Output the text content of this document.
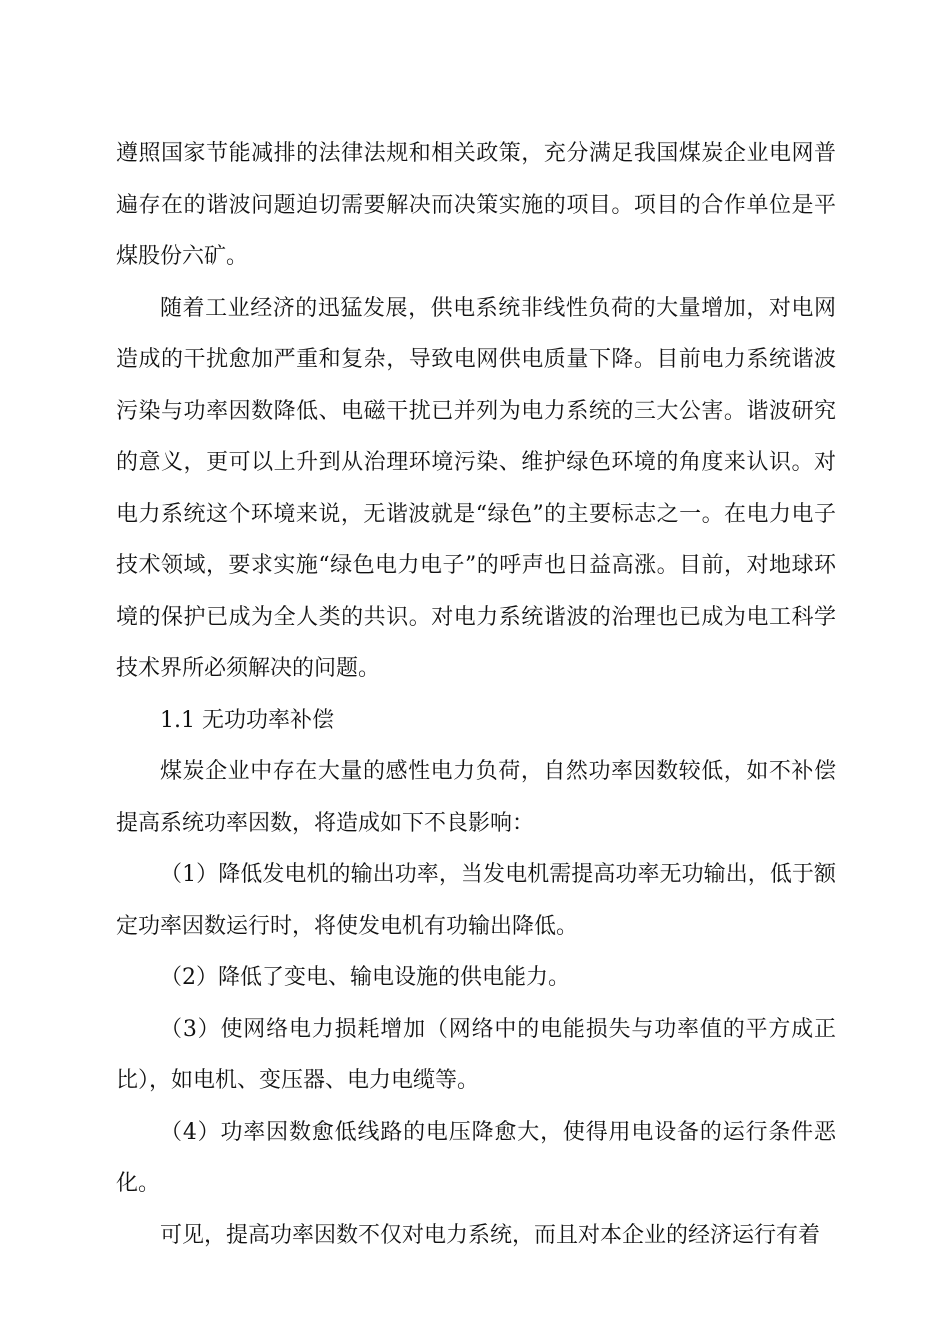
遵照国家节能减排的法律法规和相关政策，充分满足我国煤炭企业电网普遍存在的谐波问题迫切需要解决而决策实施的项目。项目的合作单位是平煤股份六矿。

随着工业经济的迅猛发展，供电系统非线性负荷的大量增加，对电网造成的干扰愈加严重和复杂，导致电网供电质量下降。目前电力系统谐波污染与功率因数降低、电磁干扰已并列为电力系统的三大公害。谐波研究的意义，更可以上升到从治理环境污染、维护绿色环境的角度来认识。对电力系统这个环境来说，无谐波就是“绿色”的主要标志之一。在电力电子技术领域，要求实施“绿色电力电子”的呼声也日益高涨。目前，对地球环境的保护已成为全人类的共识。对电力系统谐波的治理也已成为电工科学技术界所必须解决的问题。

1.1 无功功率补偿

煤炭企业中存在大量的感性电力负荷，自然功率因数较低，如不补偿提高系统功率因数，将造成如下不良影响：

（1）降低发电机的输出功率，当发电机需提高功率无功输出，低于额定功率因数运行时，将使发电机有功输出降低。

（2）降低了变电、输电设施的供电能力。

（3）使网络电力损耗增加（网络中的电能损失与功率值的平方成正比），如电机、变压器、电力电缆等。

（4）功率因数愈低线路的电压降愈大，使得用电设备的运行条件恶化。

可见，提高功率因数不仅对电力系统，而且对本企业的经济运行有着
